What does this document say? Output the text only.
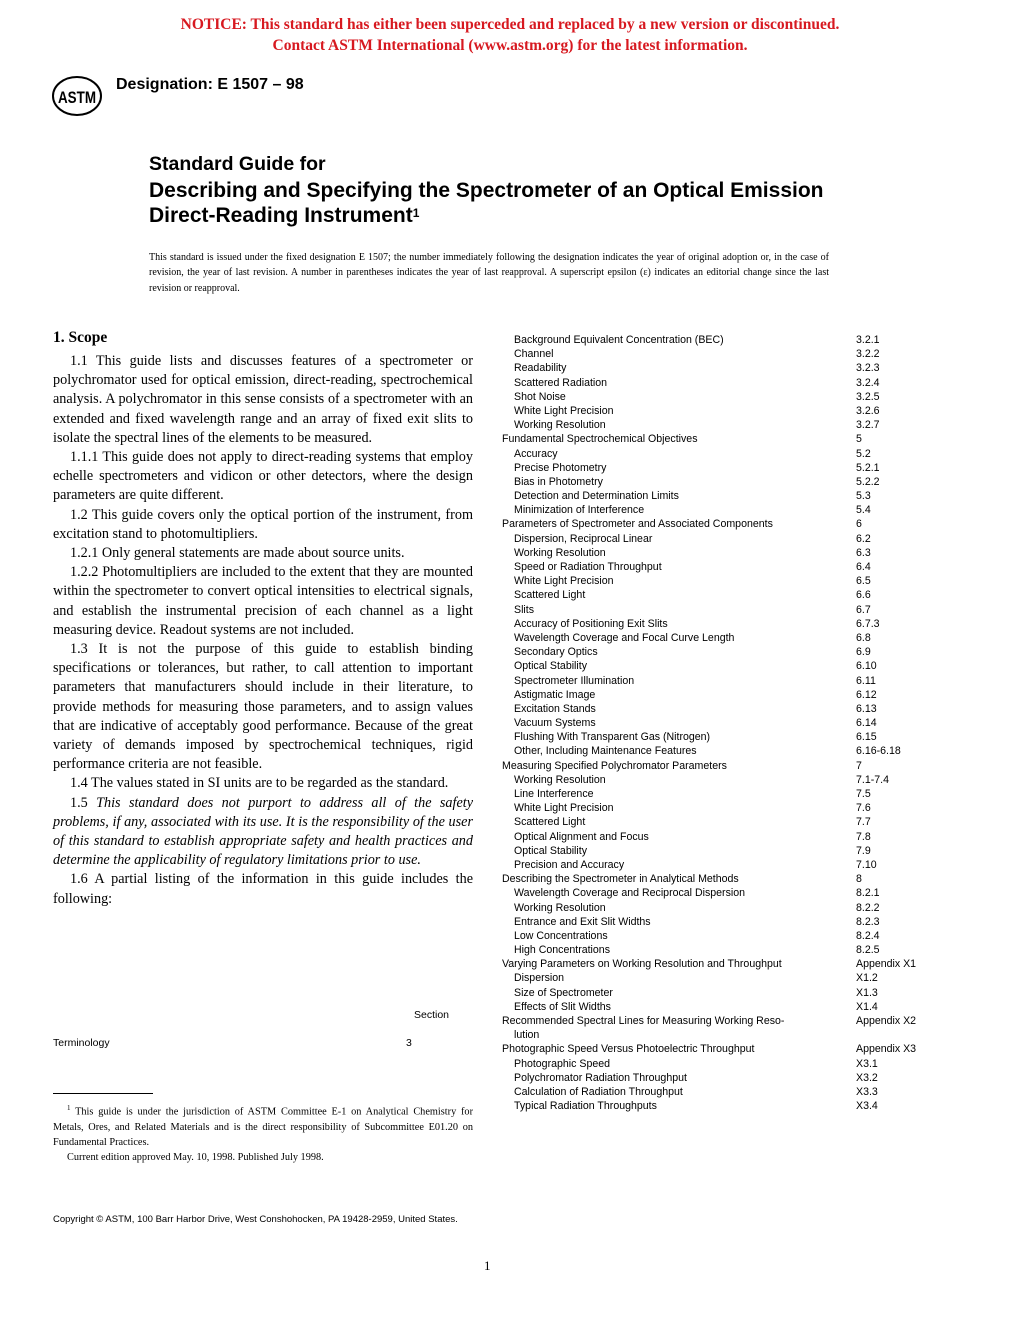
NOTICE: This standard has either been superceded and replaced by a new version or discontinued.
Contact ASTM International (www.astm.org) for the latest information.
ASTM
Designation: E 1507 – 98
Standard Guide for
Describing and Specifying the Spectrometer of an Optical Emission Direct-Reading Instrument$^1$
This standard is issued under the fixed designation E 1507; the number immediately following the designation indicates the year of original adoption or, in the case of revision, the year of last revision. A number in parentheses indicates the year of last reapproval. A superscript epsilon (ε) indicates an editorial change since the last revision or reapproval.
1. Scope

1.1 This guide lists and discusses features of a spectrometer or polychromator used for optical emission, direct-reading, spectrochemical analysis. A polychromator in this sense consists of a spectrometer with an extended and fixed wavelength range and an array of fixed exit slits to isolate the spectral lines of the elements to be measured.

1.1.1 This guide does not apply to direct-reading systems that employ echelle spectrometers and vidicon or other detectors, where the design parameters are quite different.

1.2 This guide covers only the optical portion of the instrument, from excitation stand to photomultipliers.

1.2.1 Only general statements are made about source units.

1.2.2 Photomultipliers are included to the extent that they are mounted within the spectrometer to convert optical intensities to electrical signals, and establish the instrumental precision of each channel as a light measuring device. Readout systems are not included.

1.3 It is not the purpose of this guide to establish binding specifications or tolerances, but rather, to call attention to important parameters that manufacturers should include in their literature, to provide methods for measuring those parameters, and to assign values that are indicative of acceptably good performance. Because of the great variety of demands imposed by spectrochemical techniques, rigid performance criteria are not feasible.

1.4 The values stated in SI units are to be regarded as the standard.

1.5 This standard does not purport to address all of the safety problems, if any, associated with its use. It is the responsibility of the user of this standard to establish appropriate safety and health practices and determine the applicability of regulatory limitations prior to use.

1.6 A partial listing of the information in this guide includes the following:

Section
Terminology	3
Background Equivalent Concentration (BEC)	3.2.1
Channel	3.2.2
Readability	3.2.3
Scattered Radiation	3.2.4
Shot Noise	3.2.5
White Light Precision	3.2.6
Working Resolution	3.2.7
Fundamental Spectrochemical Objectives	5
Accuracy	5.2
Precise Photometry	5.2.1
Bias in Photometry	5.2.2
Detection and Determination Limits	5.3
Minimization of Interference	5.4
Parameters of Spectrometer and Associated Components	6
Dispersion, Reciprocal Linear	6.2
Working Resolution	6.3
Speed or Radiation Throughput	6.4
White Light Precision	6.5
Scattered Light	6.6
Slits	6.7
Accuracy of Positioning Exit Slits	6.7.3
Wavelength Coverage and Focal Curve Length	6.8
Secondary Optics	6.9
Optical Stability	6.10
Spectrometer Illumination	6.11
Astigmatic Image	6.12
Excitation Stands	6.13
Vacuum Systems	6.14
Flushing With Transparent Gas (Nitrogen)	6.15
Other, Including Maintenance Features	6.16-6.18
Measuring Specified Polychromator Parameters	7
Working Resolution	7.1-7.4
Line Interference	7.5
White Light Precision	7.6
Scattered Light	7.7
Optical Alignment and Focus	7.8
Optical Stability	7.9
Precision and Accuracy	7.10
Describing the Spectrometer in Analytical Methods	8
Wavelength Coverage and Reciprocal Dispersion	8.2.1
Working Resolution	8.2.2
Entrance and Exit Slit Widths	8.2.3
Low Concentrations	8.2.4
High Concentrations	8.2.5
Varying Parameters on Working Resolution and Throughput	Appendix X1
Dispersion	X1.2
Size of Spectrometer	X1.3
Effects of Slit Widths	X1.4
Recommended Spectral Lines for Measuring Working Reso-	Appendix X2
lution
Photographic Speed Versus Photoelectric Throughput	Appendix X3
Photographic Speed	X3.1
Polychromator Radiation Throughput	X3.2
Calculation of Radiation Throughput	X3.3
Typical Radiation Throughputs	X3.4

$^1$ This guide is under the jurisdiction of ASTM Committee E-1 on Analytical Chemistry for Metals, Ores, and Related Materials and is the direct responsibility of Subcommittee E01.20 on Fundamental Practices.

Current edition approved May. 10, 1998. Published July 1998.

Copyright © ASTM, 100 Barr Harbor Drive, West Conshohocken, PA 19428-2959, United States.
1
